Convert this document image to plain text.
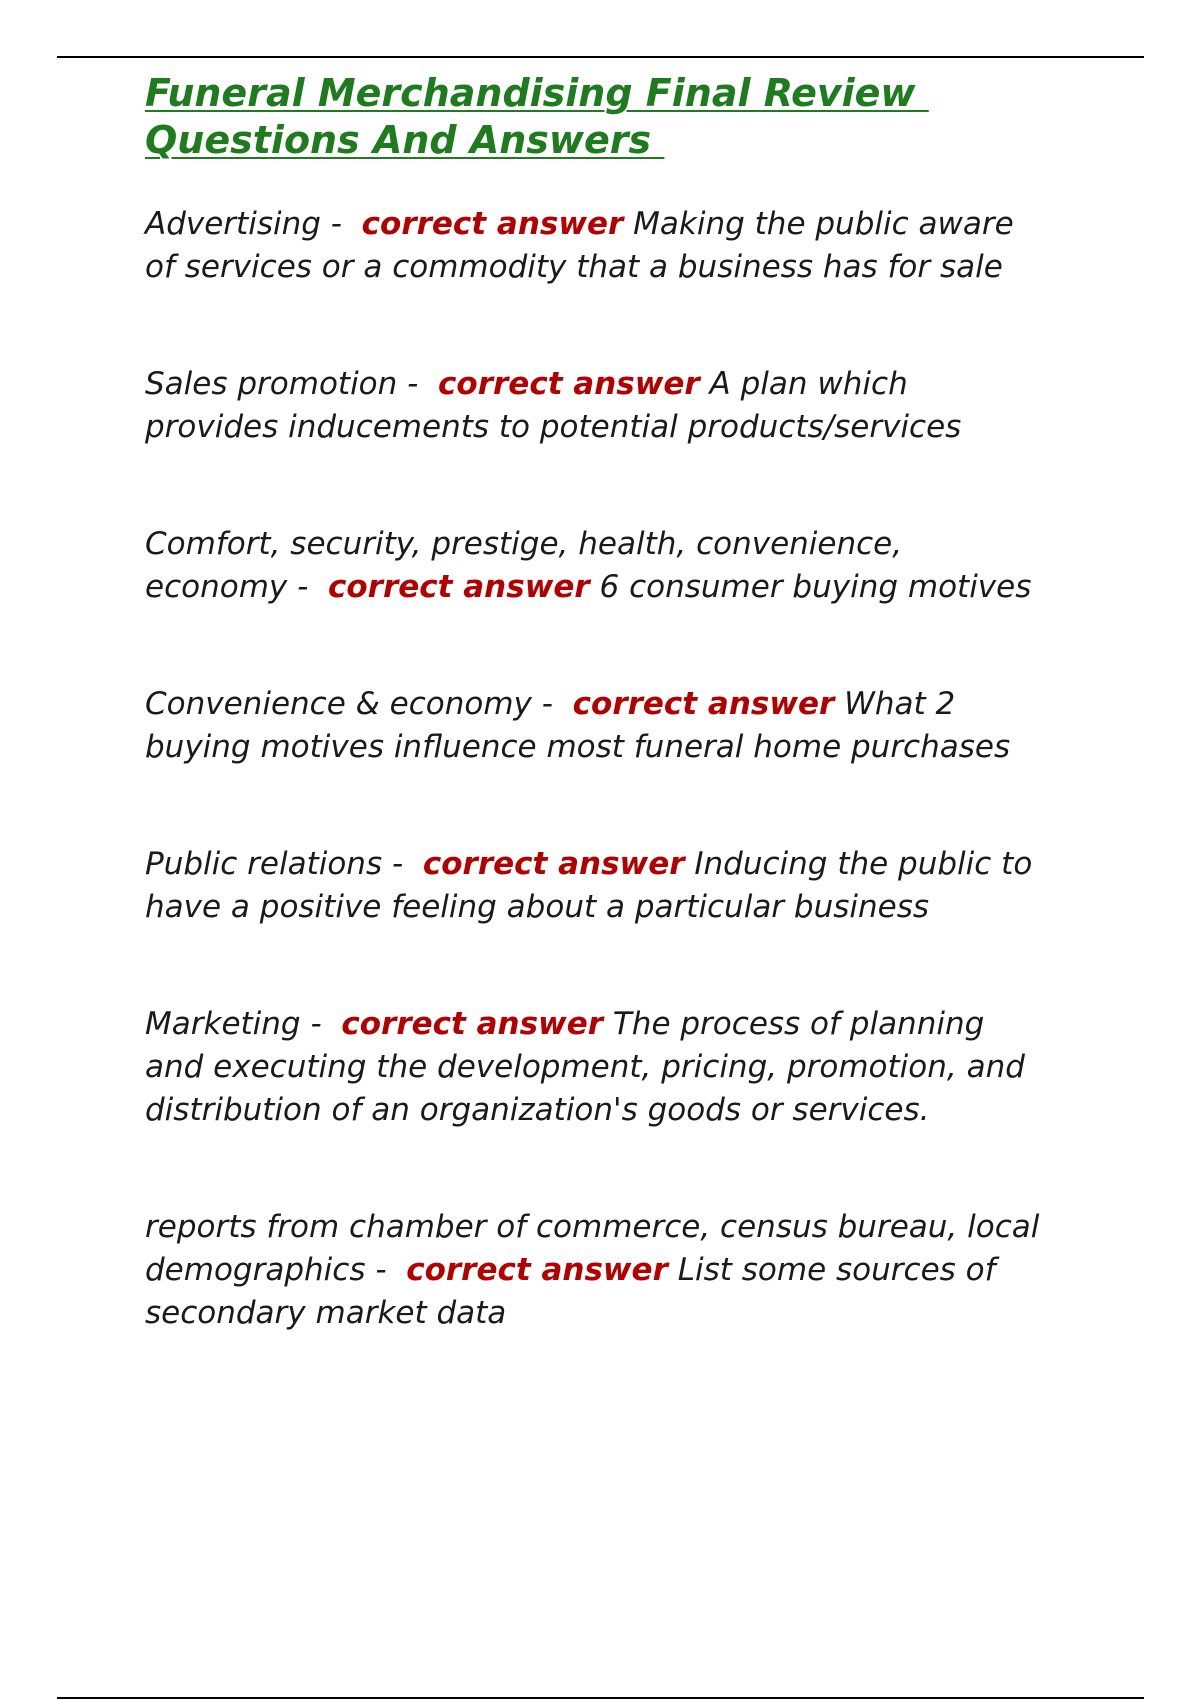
Funeral Merchandising Final Review
Questions And Answers

Advertising -  correct answer Making the public aware
of services or a commodity that a business has for sale

Sales promotion -  correct answer A plan which
provides inducements to potential products/services

Comfort, security, prestige, health, convenience,
economy -  correct answer 6 consumer buying motives

Convenience & economy -  correct answer What 2
buying motives influence most funeral home purchases

Public relations -  correct answer Inducing the public to
have a positive feeling about a particular business

Marketing -  correct answer The process of planning
and executing the development, pricing, promotion, and
distribution of an organization's goods or services.

reports from chamber of commerce, census bureau, local
demographics -  correct answer List some sources of
secondary market data
